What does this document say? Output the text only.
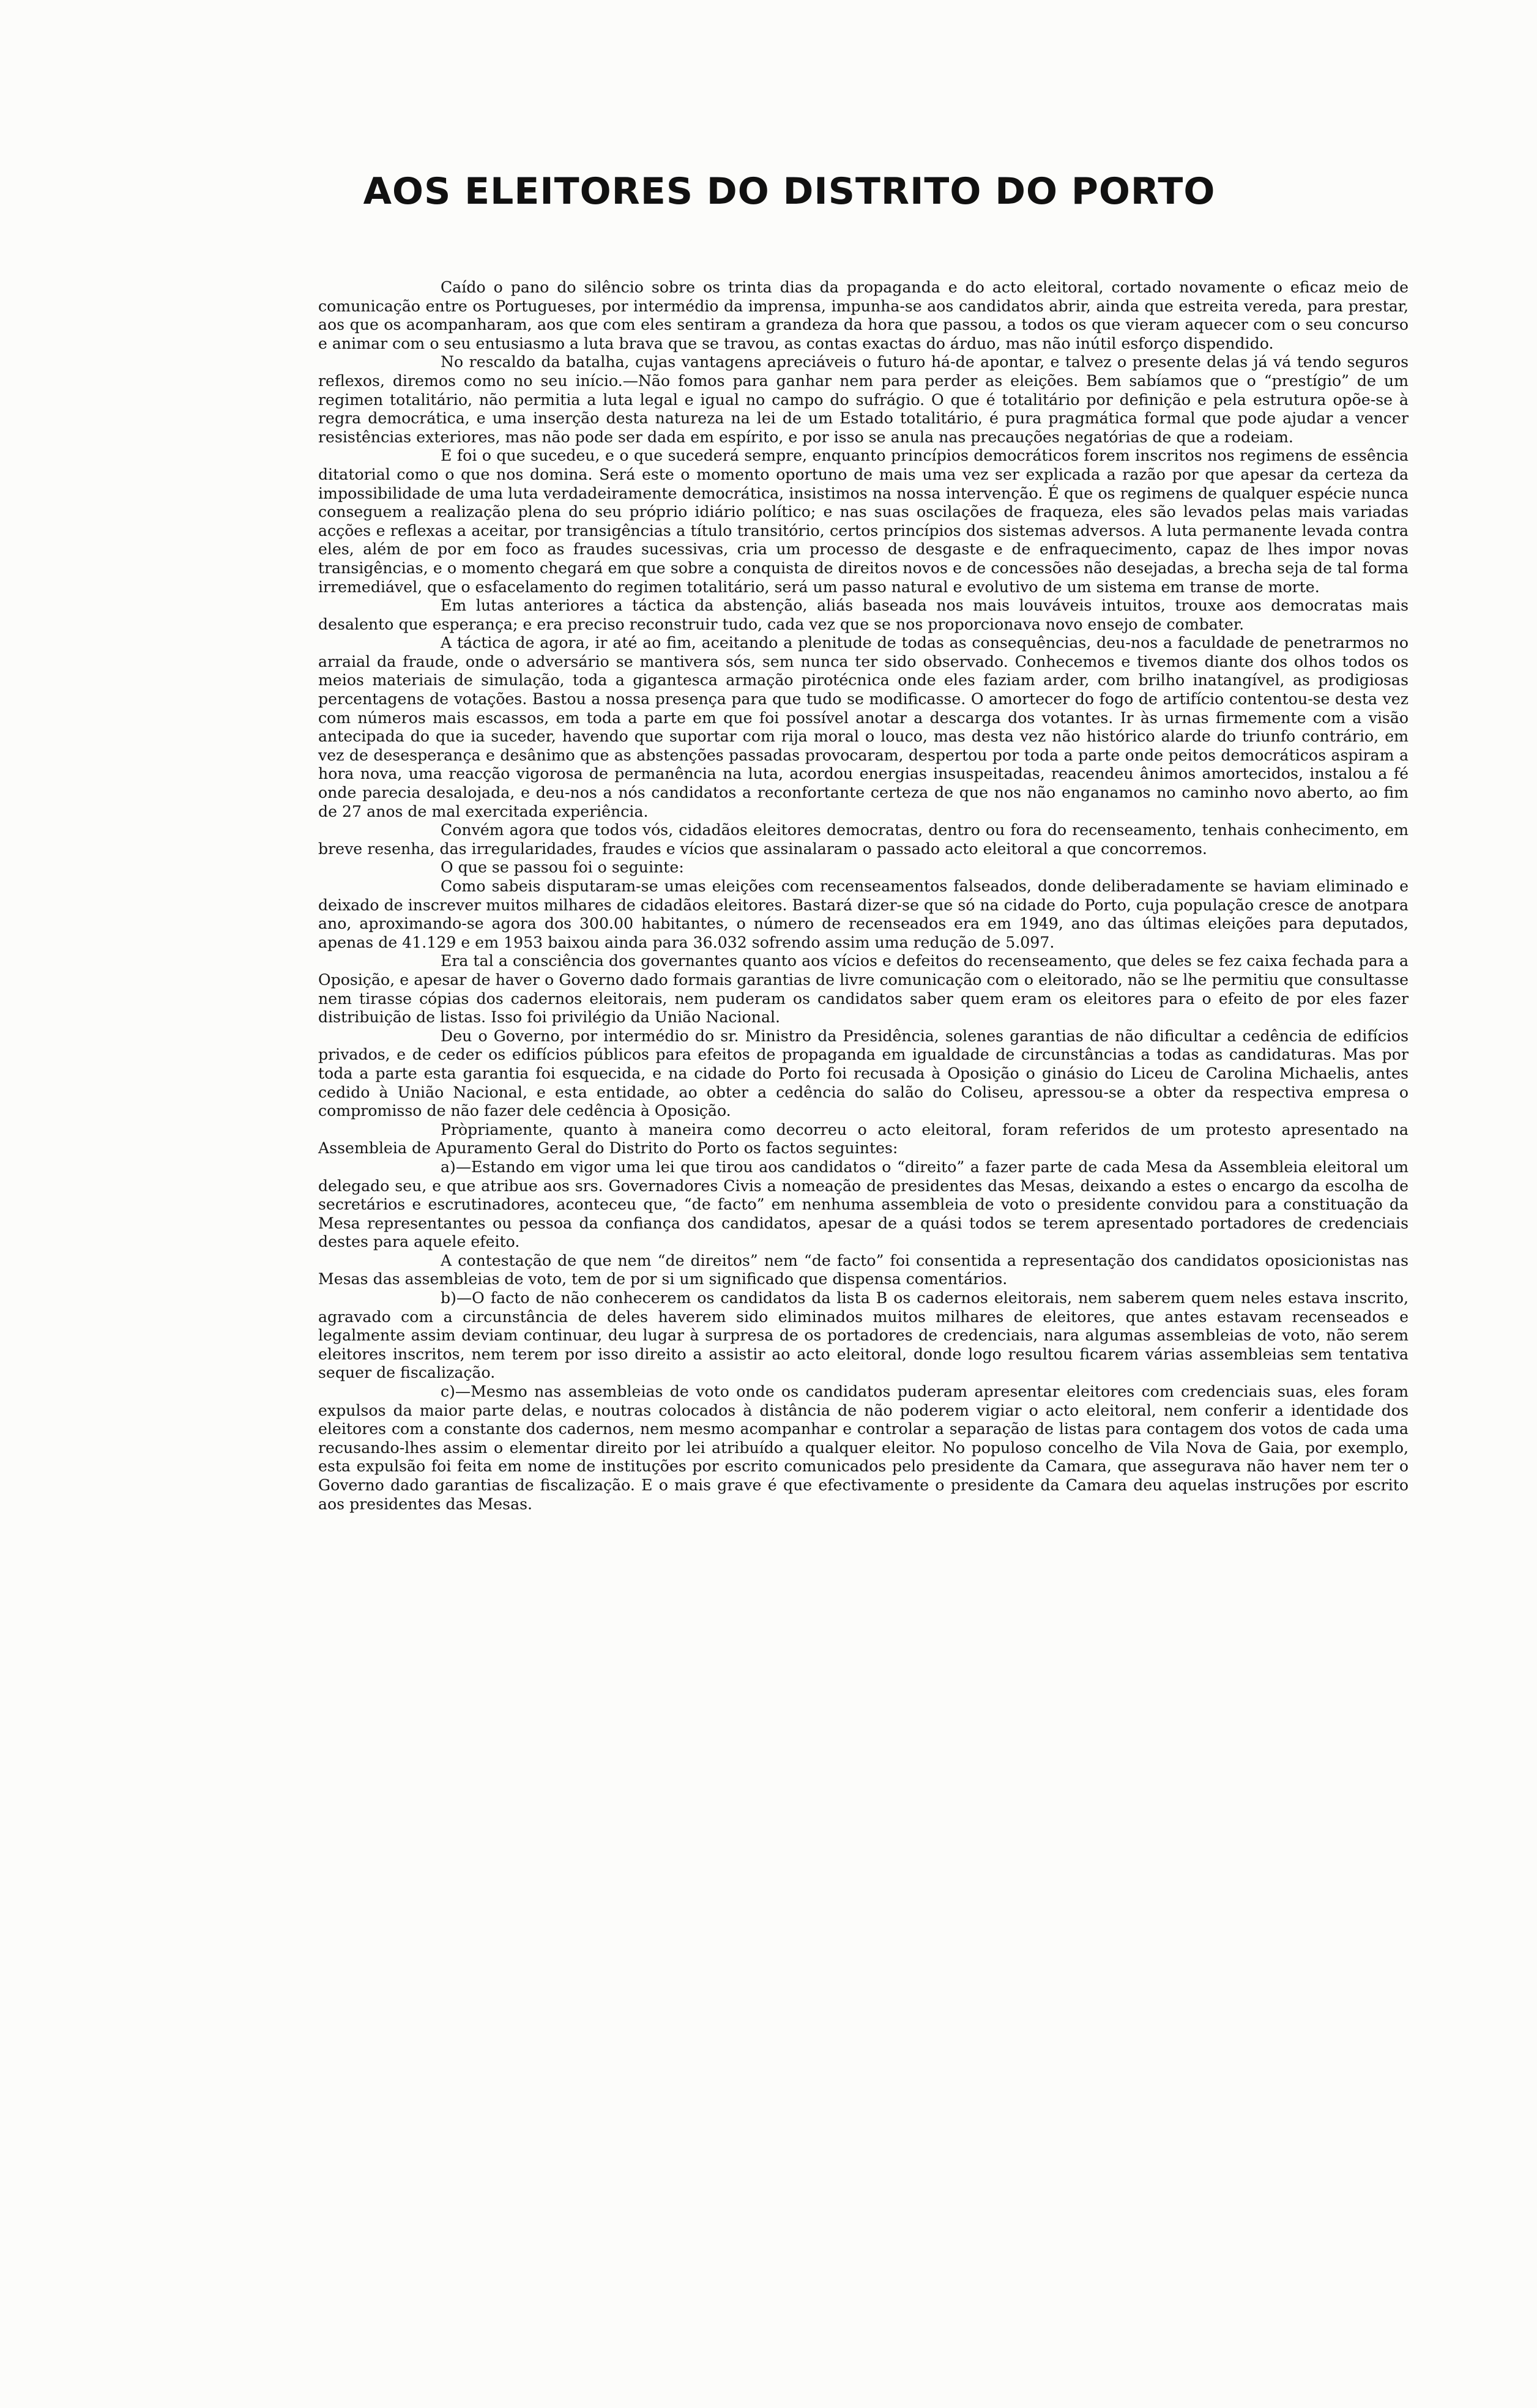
AOS ELEITORES DO DISTRITO DO PORTO

Caído o pano do silêncio sobre os trinta dias da propaganda e do acto eleitoral, cortado novamente o eficaz meio de comunicação entre os Portugueses, por intermédio da imprensa, impunha-se aos candidatos abrir, ainda que estreita vereda, para prestar, aos que os acompanharam, aos que com eles sentiram a grandeza da hora que passou, a todos os que vieram aquecer com o seu concurso e animar com o seu entusiasmo a luta brava que se travou, as contas exactas do árduo, mas não inútil esforço dispendido.

No rescaldo da batalha, cujas vantagens apreciáveis o futuro há-de apontar, e talvez o presente delas já vá tendo seguros reflexos, diremos como no seu início.—Não fomos para ganhar nem para perder as eleições. Bem sabíamos que o “prestígio” de um regimen totalitário, não permitia a luta legal e igual no campo do sufrágio. O que é totalitário por definição e pela estrutura opõe-se à regra democrática, e uma inserção desta natureza na lei de um Estado totalitário, é pura pragmática formal que pode ajudar a vencer resistências exteriores, mas não pode ser dada em espírito, e por isso se anula nas precauções negatórias de que a rodeiam.

E foi o que sucedeu, e o que sucederá sempre, enquanto princípios democráticos forem inscritos nos regimens de essência ditatorial como o que nos domina. Será este o momento oportuno de mais uma vez ser explicada a razão por que apesar da certeza da impossibilidade de uma luta verdadeiramente democrática, insistimos na nossa intervenção. É que os regimens de qualquer espécie nunca conseguem a realização plena do seu próprio idiário político; e nas suas oscilações de fraqueza, eles são levados pelas mais variadas acções e reflexas a aceitar, por transigências a título transitório, certos princípios dos sistemas adversos. A luta permanente levada contra eles, além de por em foco as fraudes sucessivas, cria um processo de desgaste e de enfraquecimento, capaz de lhes impor novas transigências, e o momento chegará em que sobre a conquista de direitos novos e de concessões não desejadas, a brecha seja de tal forma irremediável, que o esfacelamento do regimen totalitário, será um passo natural e evolutivo de um sistema em transe de morte.

Em lutas anteriores a táctica da abstenção, aliás baseada nos mais louváveis intuitos, trouxe aos democratas mais desalento que esperança; e era preciso reconstruir tudo, cada vez que se nos proporcionava novo ensejo de combater.

A táctica de agora, ir até ao fim, aceitando a plenitude de todas as consequências, deu-nos a faculdade de penetrarmos no arraial da fraude, onde o adversário se mantivera sós, sem nunca ter sido observado. Conhecemos e tivemos diante dos olhos todos os meios materiais de simulação, toda a gigantesca armação pirotécnica onde eles faziam arder, com brilho inatangível, as prodigiosas percentagens de votações. Bastou a nossa presença para que tudo se modificasse. O amortecer do fogo de artifício contentou-se desta vez com números mais escassos, em toda a parte em que foi possível anotar a descarga dos votantes. Ir às urnas firmemente com a visão antecipada do que ia suceder, havendo que suportar com rija moral o louco, mas desta vez não histórico alarde do triunfo contrário, em vez de desesperança e desânimo que as abstenções passadas provocaram, despertou por toda a parte onde peitos democráticos aspiram a hora nova, uma reacção vigorosa de permanência na luta, acordou energias insuspeitadas, reacendeu ânimos amortecidos, instalou a fé onde parecia desalojada, e deu-nos a nós candidatos a reconfortante certeza de que nos não enganamos no caminho novo aberto, ao fim de 27 anos de mal exercitada experiência.

Convém agora que todos vós, cidadãos eleitores democratas, dentro ou fora do recenseamento, tenhais conhecimento, em breve resenha, das irregularidades, fraudes e vícios que assinalaram o passado acto eleitoral a que concorremos.

O que se passou foi o seguinte:

Como sabeis disputaram-se umas eleições com recenseamentos falseados, donde deliberadamente se haviam eliminado e deixado de inscrever muitos milhares de cidadãos eleitores. Bastará dizer-se que só na cidade do Porto, cuja população cresce de anotpara ano, aproximando-se agora dos 300.00 habitantes, o número de recenseados era em 1949, ano das últimas eleições para deputados, apenas de 41.129 e em 1953 baixou ainda para 36.032 sofrendo assim uma redução de 5.097.

Era tal a consciência dos governantes quanto aos vícios e defeitos do recenseamento, que deles se fez caixa fechada para a Oposição, e apesar de haver o Governo dado formais garantias de livre comunicação com o eleitorado, não se lhe permitiu que consultasse nem tirasse cópias dos cadernos eleitorais, nem puderam os candidatos saber quem eram os eleitores para o efeito de por eles fazer distribuição de listas. Isso foi privilégio da União Nacional.

Deu o Governo, por intermédio do sr. Ministro da Presidência, solenes garantias de não dificultar a cedência de edifícios privados, e de ceder os edifícios públicos para efeitos de propaganda em igualdade de circunstâncias a todas as candidaturas. Mas por toda a parte esta garantia foi esquecida, e na cidade do Porto foi recusada à Oposição o ginásio do Liceu de Carolina Michaelis, antes cedido à União Nacional, e esta entidade, ao obter a cedência do salão do Coliseu, apressou-se a obter da respectiva empresa o compromisso de não fazer dele cedência à Oposição.

Pròpriamente, quanto à maneira como decorreu o acto eleitoral, foram referidos de um protesto apresentado na Assembleia de Apuramento Geral do Distrito do Porto os factos seguintes:

a)—Estando em vigor uma lei que tirou aos candidatos o “direito” a fazer parte de cada Mesa da Assembleia eleitoral um delegado seu, e que atribue aos srs. Governadores Civis a nomeação de presidentes das Mesas, deixando a estes o encargo da escolha de secretários e escrutinadores, aconteceu que, “de facto” em nenhuma assembleia de voto o presidente convidou para a constituação da Mesa representantes ou pessoa da confiança dos candidatos, apesar de a quási todos se terem apresentado portadores de credenciais destes para aquele efeito.

A contestação de que nem “de direitos” nem “de facto” foi consentida a representação dos candidatos oposicionistas nas Mesas das assembleias de voto, tem de por si um significado que dispensa comentários.

b)—O facto de não conhecerem os candidatos da lista B os cadernos eleitorais, nem saberem quem neles estava inscrito, agravado com a circunstância de deles haverem sido eliminados muitos milhares de eleitores, que antes estavam recenseados e legalmente assim deviam continuar, deu lugar à surpresa de os portadores de credenciais, nara algumas assembleias de voto, não serem eleitores inscritos, nem terem por isso direito a assistir ao acto eleitoral, donde logo resultou ficarem várias assembleias sem tentativa sequer de fiscalização.

c)—Mesmo nas assembleias de voto onde os candidatos puderam apresentar eleitores com credenciais suas, eles foram expulsos da maior parte delas, e noutras colocados à distância de não poderem vigiar o acto eleitoral, nem conferir a identidade dos eleitores com a constante dos cadernos, nem mesmo acompanhar e controlar a separação de listas para contagem dos votos de cada uma recusando-lhes assim o elementar direito por lei atribuído a qualquer eleitor. No populoso concelho de Vila Nova de Gaia, por exemplo, esta expulsão foi feita em nome de instituções por escrito comunicados pelo presidente da Camara, que assegurava não haver nem ter o Governo dado garantias de fiscalização. E o mais grave é que efectivamente o presidente da Camara deu aquelas instruções por escrito aos presidentes das Mesas.
